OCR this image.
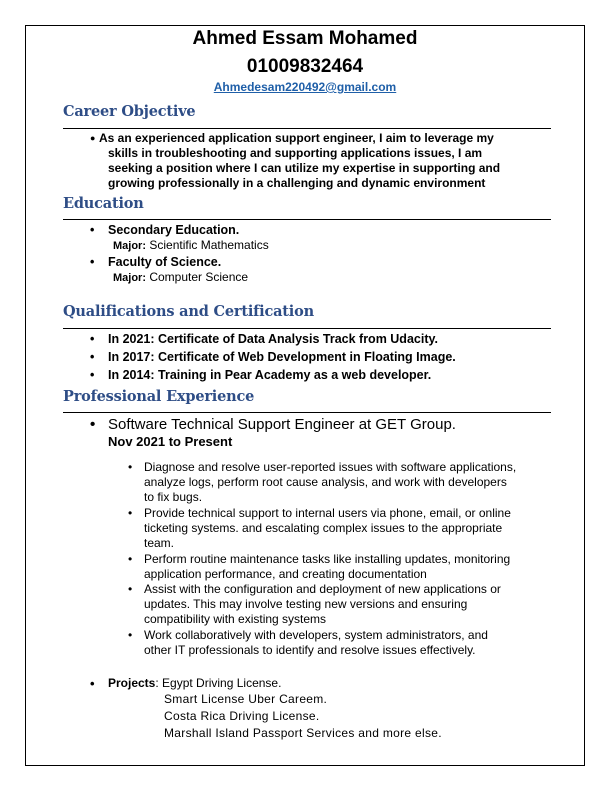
Ahmed Essam Mohamed
01009832464
Ahmedesam220492@gmail.com
Career Objective
● As an experienced application support engineer, I aim to leverage my
skills in troubleshooting and supporting applications issues, I am
seeking a position where I can utilize my expertise in supporting and
growing professionally in a challenging and dynamic environment
Education
• Secondary Education.
Major: Scientific Mathematics
• Faculty of Science.
Major: Computer Science
Qualifications and Certification
• In 2021: Certificate of Data Analysis Track from Udacity.
• In 2017: Certificate of Web Development in Floating Image.
• In 2014: Training in Pear Academy as a web developer.
Professional Experience
• Software Technical Support Engineer at GET Group.
Nov 2021 to Present
• Diagnose and resolve user-reported issues with software applications,
analyze logs, perform root cause analysis, and work with developers
to fix bugs.
• Provide technical support to internal users via phone, email, or online
ticketing systems. and escalating complex issues to the appropriate
team.
• Perform routine maintenance tasks like installing updates, monitoring
application performance, and creating documentation
• Assist with the configuration and deployment of new applications or
updates. This may involve testing new versions and ensuring
compatibility with existing systems
• Work collaboratively with developers, system administrators, and
other IT professionals to identify and resolve issues effectively.
• Projects: Egypt Driving License.
Smart License Uber Careem.
Costa Rica Driving License.
Marshall Island Passport Services and more else.
